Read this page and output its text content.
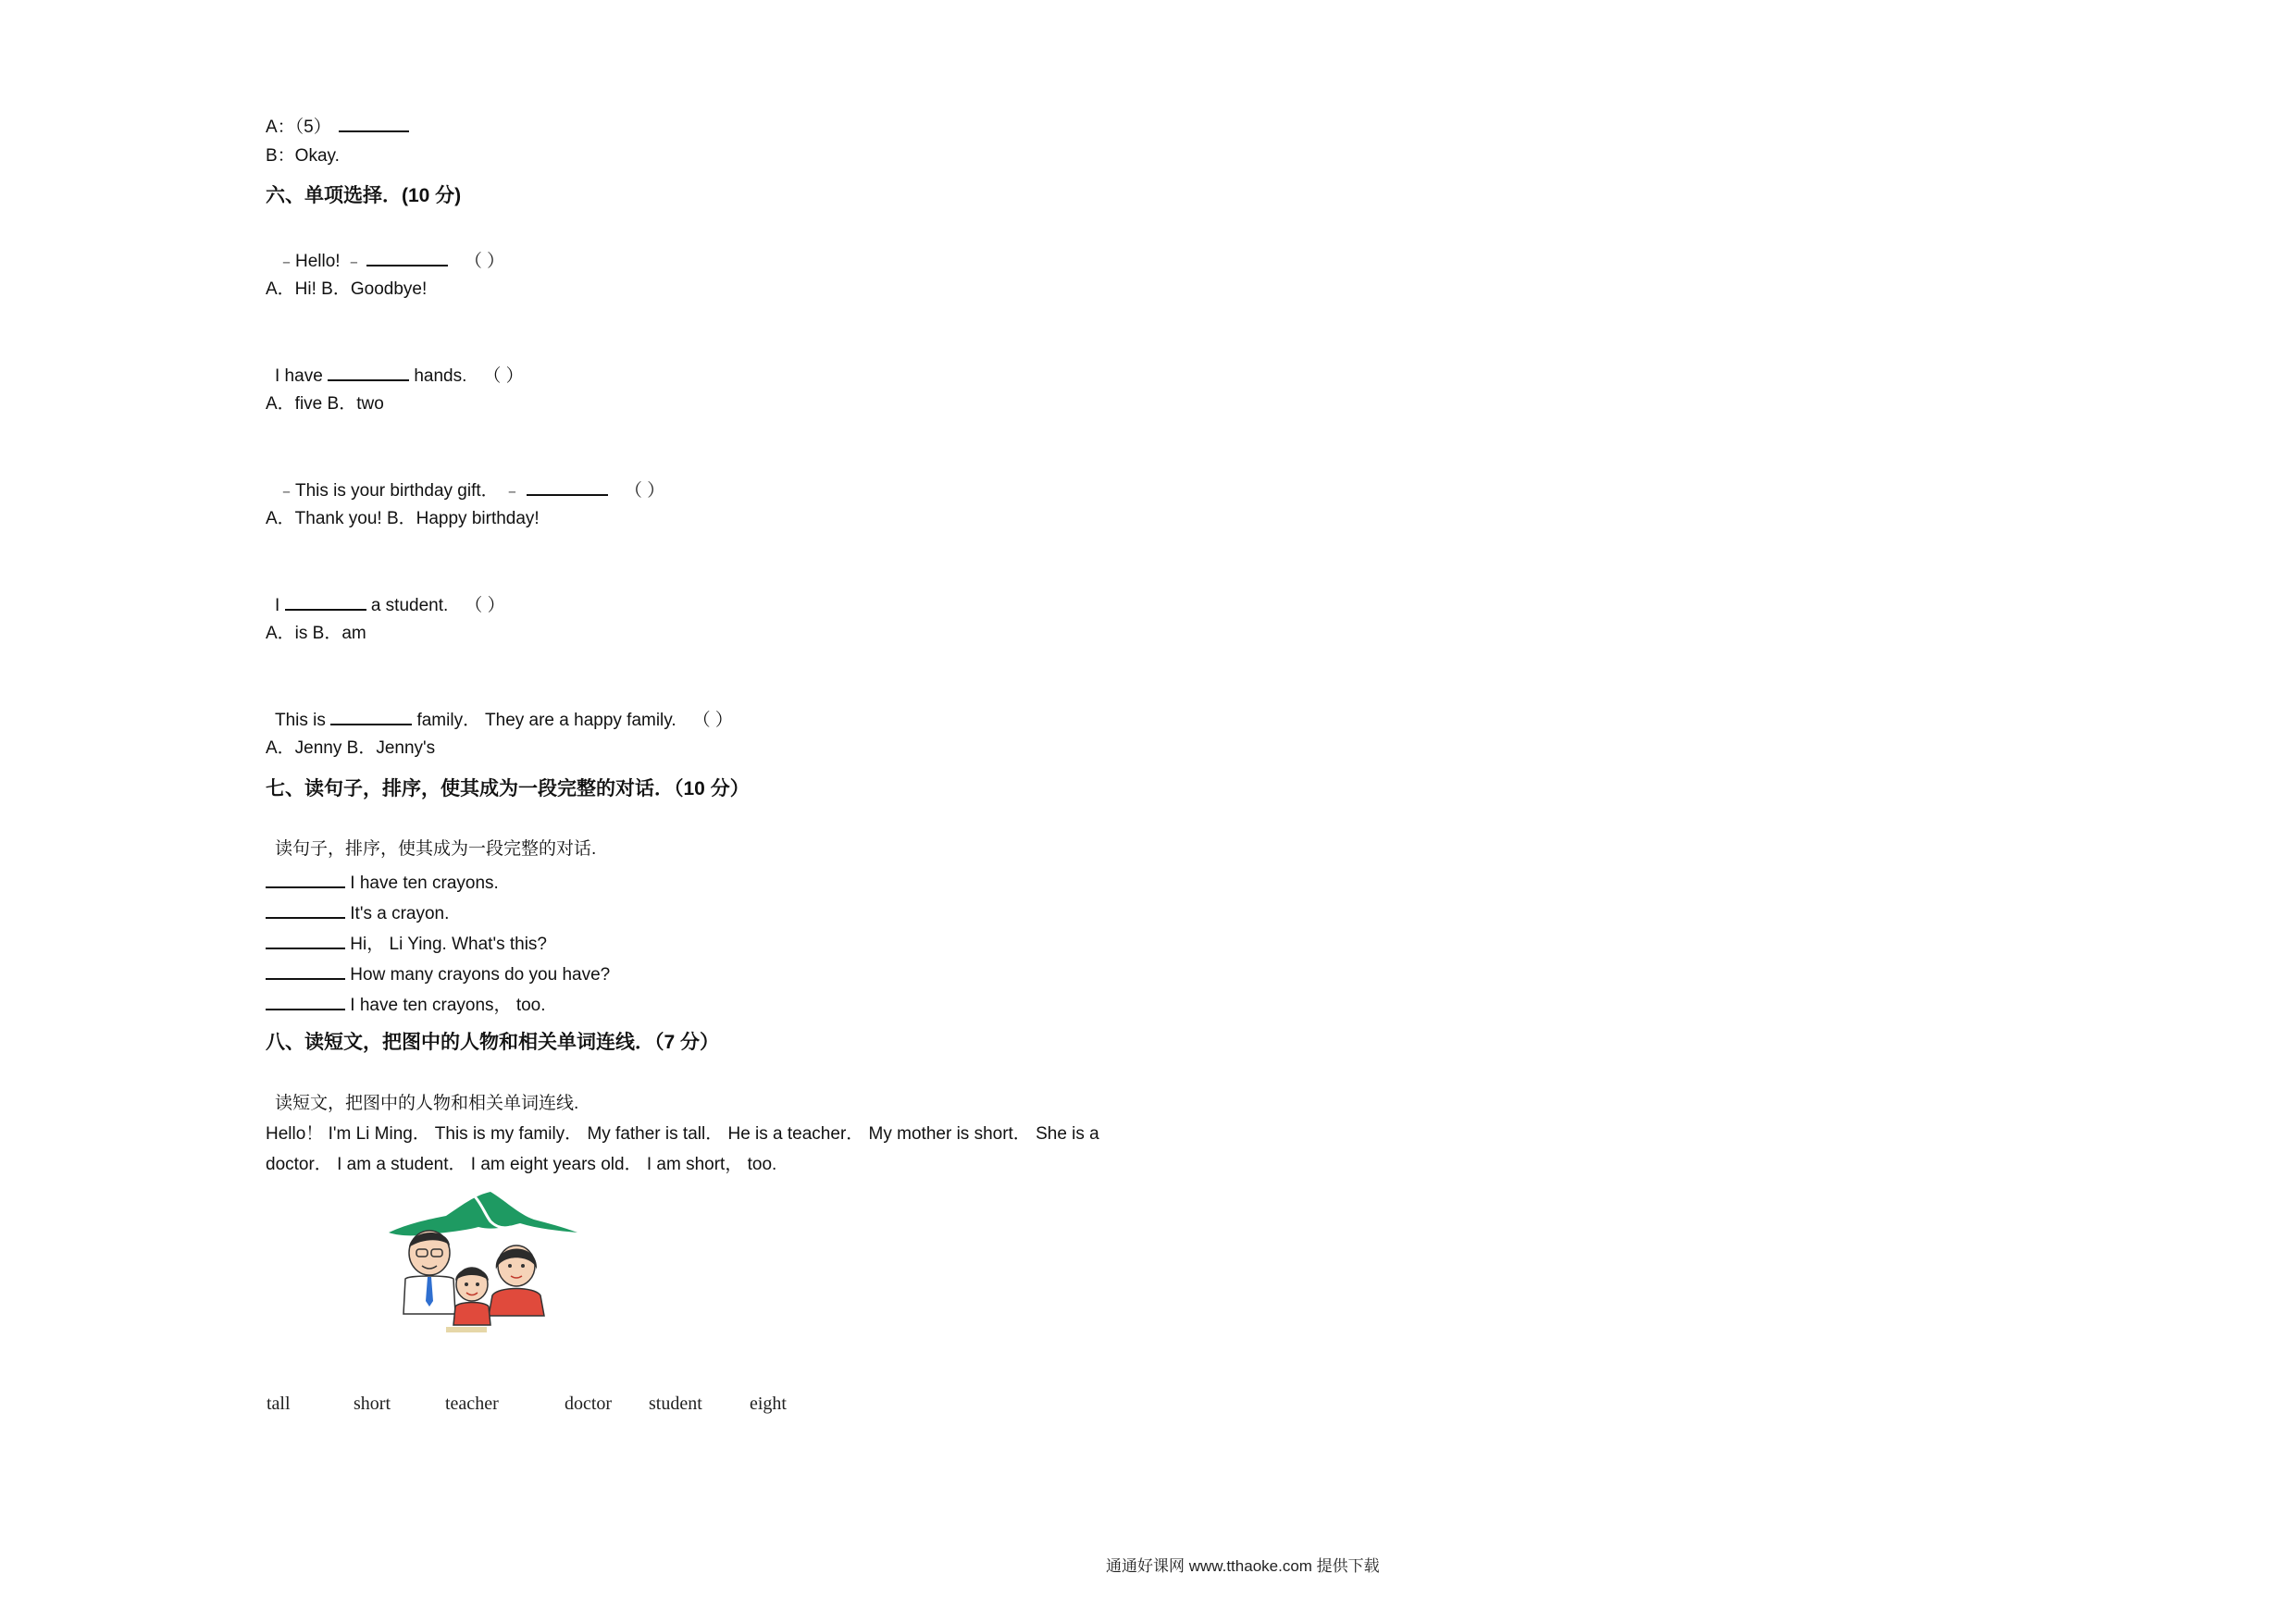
A：（5）
B：Okay.
六、单项选择．(10 分)
﹣Hello! ﹣	（ ）
A．Hi! B．Goodbye!
I have	hands. （ ）
A．five B．two
﹣This is your birthday gift． ﹣	（ ）
A．Thank you! B．Happy birthday!
I	a student. （ ）
A．is B．am
This is	family． They are a happy family. （ ）
A．Jenny B．Jenny's
七、读句子，排序，使其成为一段完整的对话．（10 分）
读句子，排序，使其成为一段完整的对话.
I have ten crayons.
It's a crayon.
Hi， Li Ying. What's this?
How many crayons do you have?
I have ten crayons， too.
八、读短文，把图中的人物和相关单词连线．（7 分）
读短文，把图中的人物和相关单词连线.
Hello！ I'm Li Ming． This is my family． My father is tall． He is a teacher． My mother is short． She is a
doctor． I am a student． I am eight years old． I am short， too.
tall	short	teacher	doctor student	eight
通通好课网 www.tthaoke.com 提供下载
